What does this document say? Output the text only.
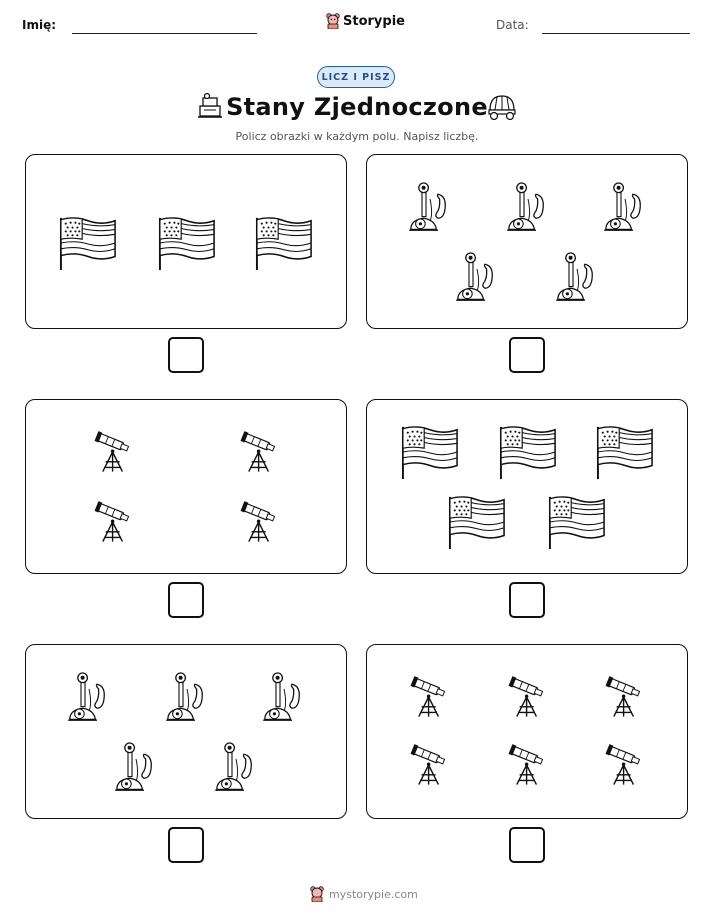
Imię:	Storypie	Data:
LICZ I PISZ
Stany Zjednoczone
Policz obrazki w każdym polu. Napisz liczbę.
mystorypie.com
